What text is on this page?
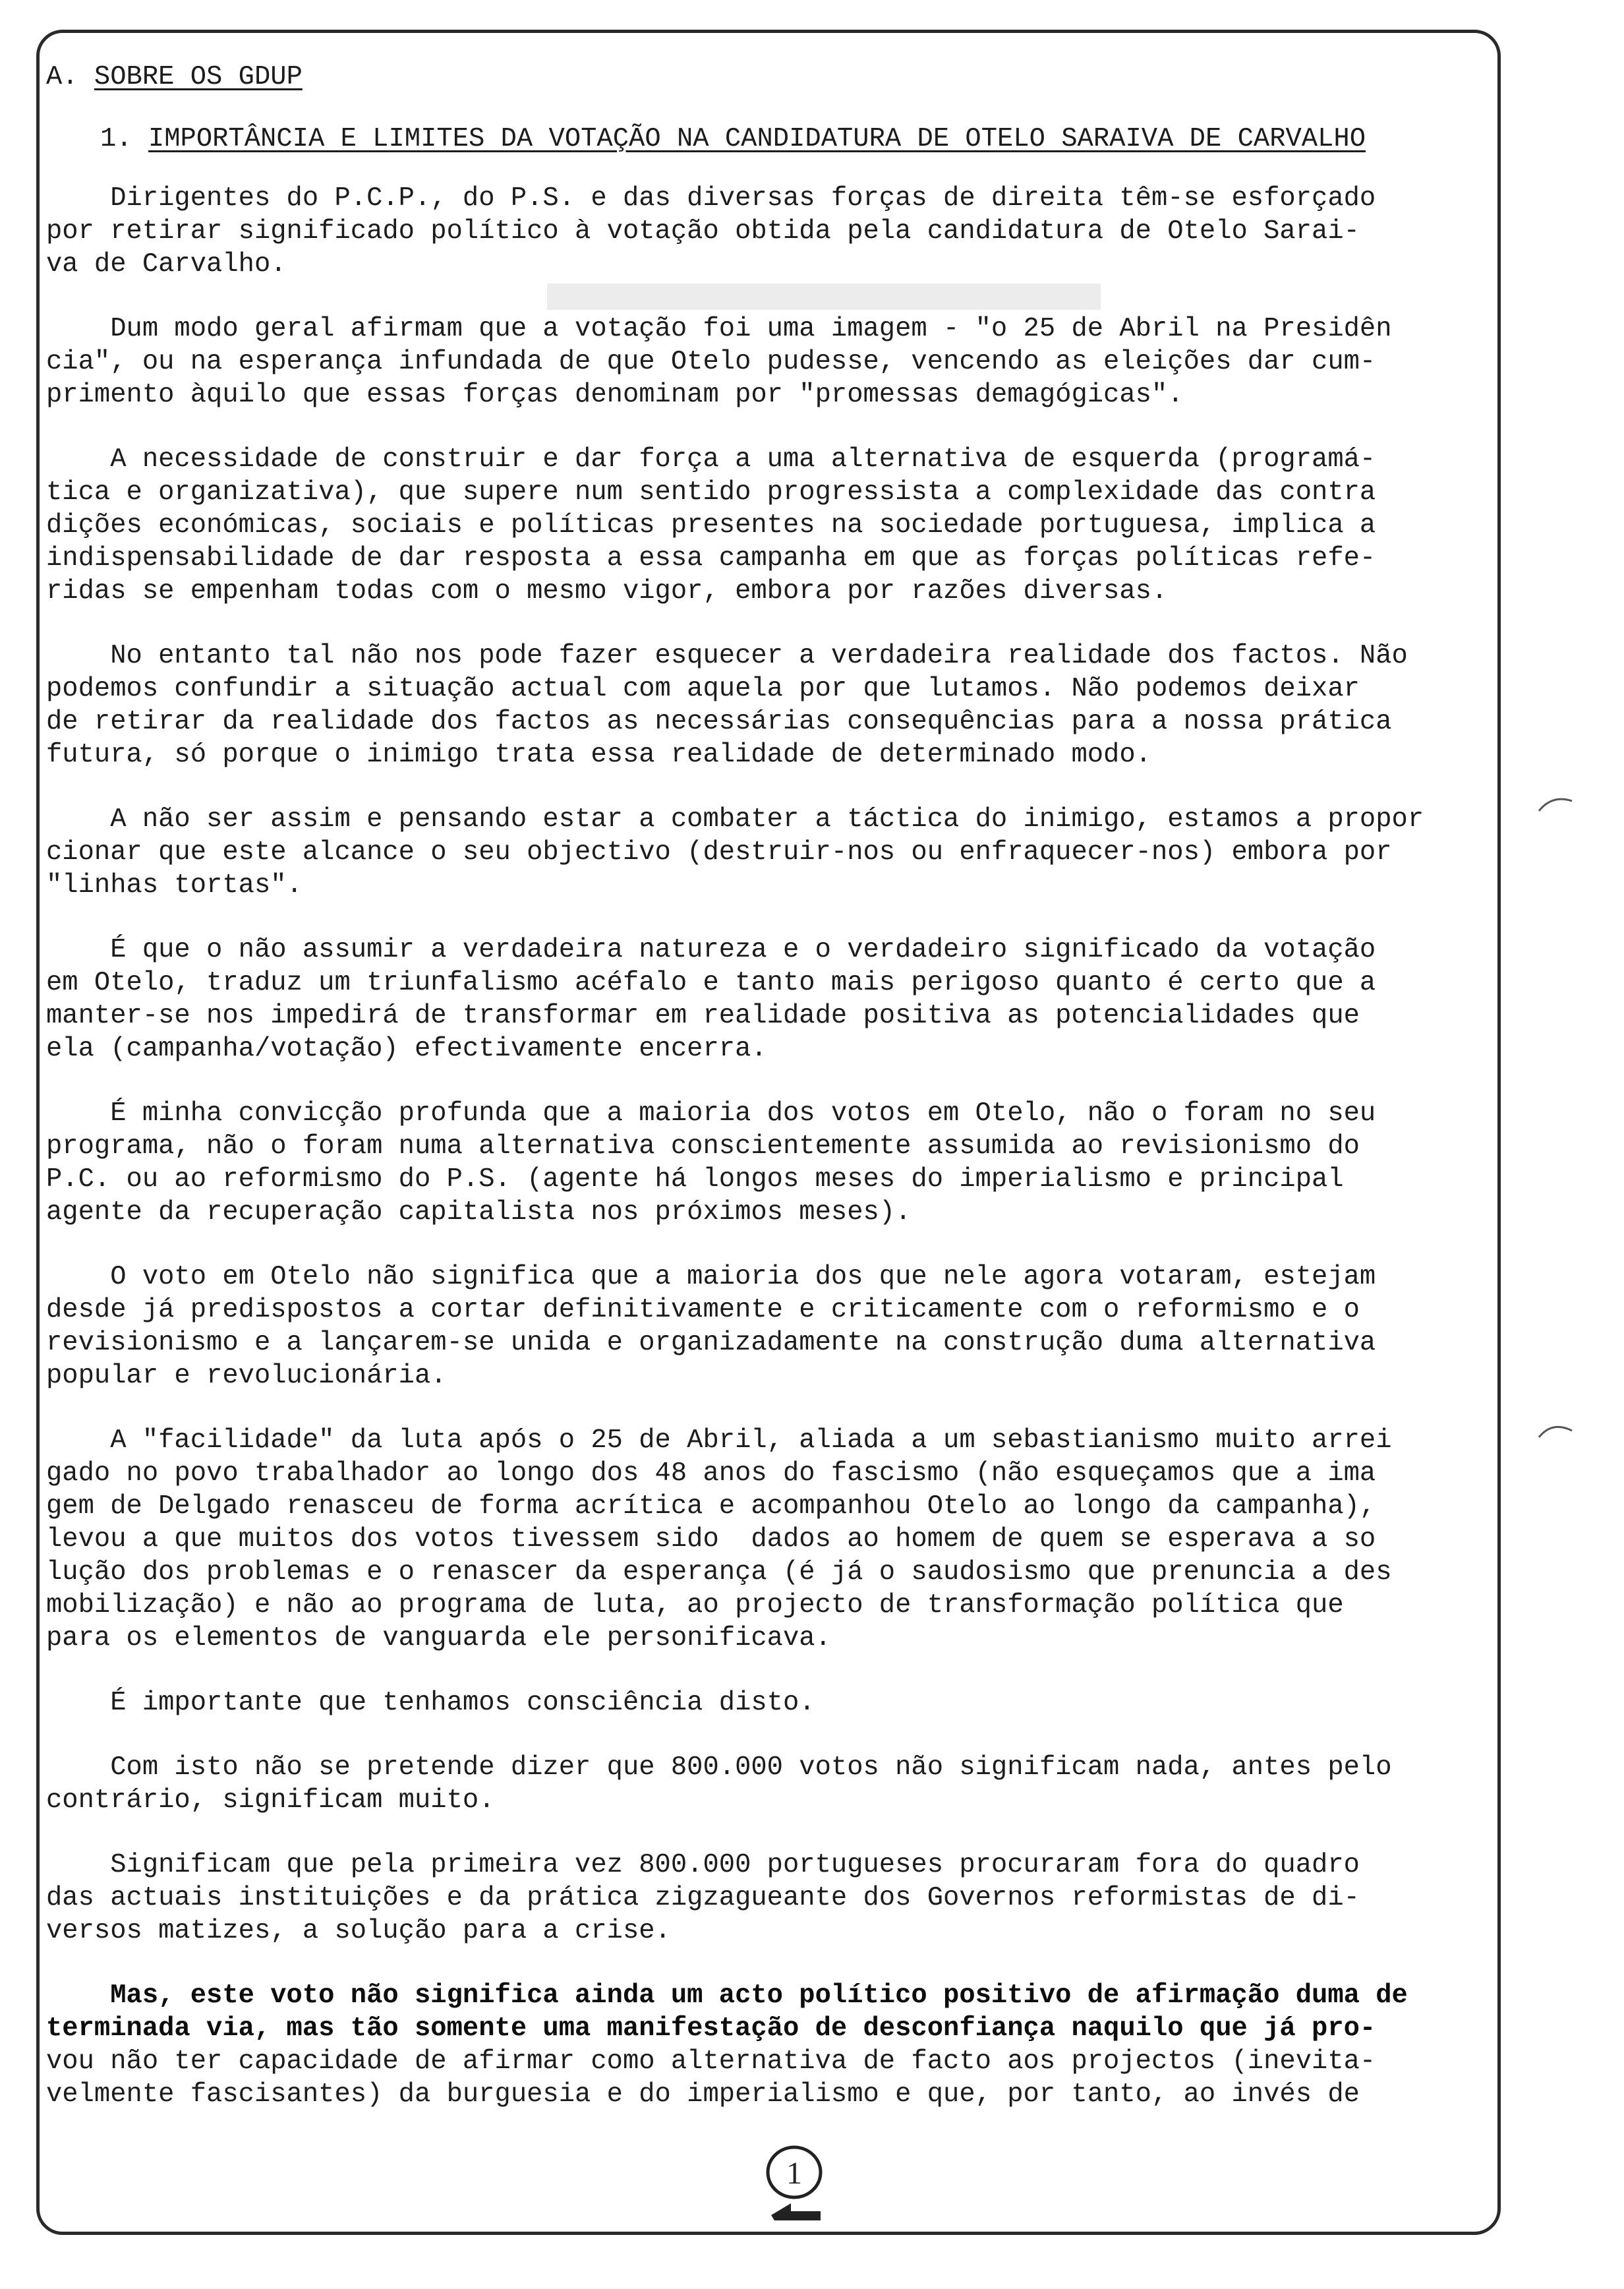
A. SOBRE OS GDUP
1. IMPORTÂNCIA E LIMITES DA VOTAÇÃO NA CANDIDATURA DE OTELO SARAIVA DE CARVALHO
Dirigentes do P.C.P., do P.S. e das diversas forças de direita têm-se esforçado
por retirar significado político à votação obtida pela candidatura de Otelo Sarai-
va de Carvalho.
Dum modo geral afirmam que a votação foi uma imagem - "o 25 de Abril na Presidên
cia", ou na esperança infundada de que Otelo pudesse, vencendo as eleições dar cum-
primento àquilo que essas forças denominam por "promessas demagógicas".
A necessidade de construir e dar força a uma alternativa de esquerda (programá-
tica e organizativa), que supere num sentido progressista a complexidade das contra
dições económicas, sociais e políticas presentes na sociedade portuguesa, implica a
indispensabilidade de dar resposta a essa campanha em que as forças políticas refe-
ridas se empenham todas com o mesmo vigor, embora por razões diversas.
No entanto tal não nos pode fazer esquecer a verdadeira realidade dos factos. Não
podemos confundir a situação actual com aquela por que lutamos. Não podemos deixar
de retirar da realidade dos factos as necessárias consequências para a nossa prática
futura, só porque o inimigo trata essa realidade de determinado modo.
A não ser assim e pensando estar a combater a táctica do inimigo, estamos a propor
cionar que este alcance o seu objectivo (destruir-nos ou enfraquecer-nos) embora por
"linhas tortas".
É que o não assumir a verdadeira natureza e o verdadeiro significado da votação
em Otelo, traduz um triunfalismo acéfalo e tanto mais perigoso quanto é certo que a
manter-se nos impedirá de transformar em realidade positiva as potencialidades que
ela (campanha/votação) efectivamente encerra.
É minha convicção profunda que a maioria dos votos em Otelo, não o foram no seu
programa, não o foram numa alternativa conscientemente assumida ao revisionismo do
P.C. ou ao reformismo do P.S. (agente há longos meses do imperialismo e principal
agente da recuperação capitalista nos próximos meses).
O voto em Otelo não significa que a maioria dos que nele agora votaram, estejam
desde já predispostos a cortar definitivamente e criticamente com o reformismo e o
revisionismo e a lançarem-se unida e organizadamente na construção duma alternativa
popular e revolucionária.
A "facilidade" da luta após o 25 de Abril, aliada a um sebastianismo muito arrei
gado no povo trabalhador ao longo dos 48 anos do fascismo (não esqueçamos que a ima
gem de Delgado renasceu de forma acrítica e acompanhou Otelo ao longo da campanha),
levou a que muitos dos votos tivessem sido  dados ao homem de quem se esperava a so
lução dos problemas e o renascer da esperança (é já o saudosismo que prenuncia a des
mobilização) e não ao programa de luta, ao projecto de transformação política que
para os elementos de vanguarda ele personificava.
É importante que tenhamos consciência disto.
Com isto não se pretende dizer que 800.000 votos não significam nada, antes pelo
contrário, significam muito.
Significam que pela primeira vez 800.000 portugueses procuraram fora do quadro
das actuais instituições e da prática zigzagueante dos Governos reformistas de di-
versos matizes, a solução para a crise.
Mas, este voto não significa ainda um acto político positivo de afirmação duma de
terminada via, mas tão somente uma manifestação de desconfiança naquilo que já pro-
vou não ter capacidade de afirmar como alternativa de facto aos projectos (inevita-
velmente fascisantes) da burguesia e do imperialismo e que, por tanto, ao invés de
1
